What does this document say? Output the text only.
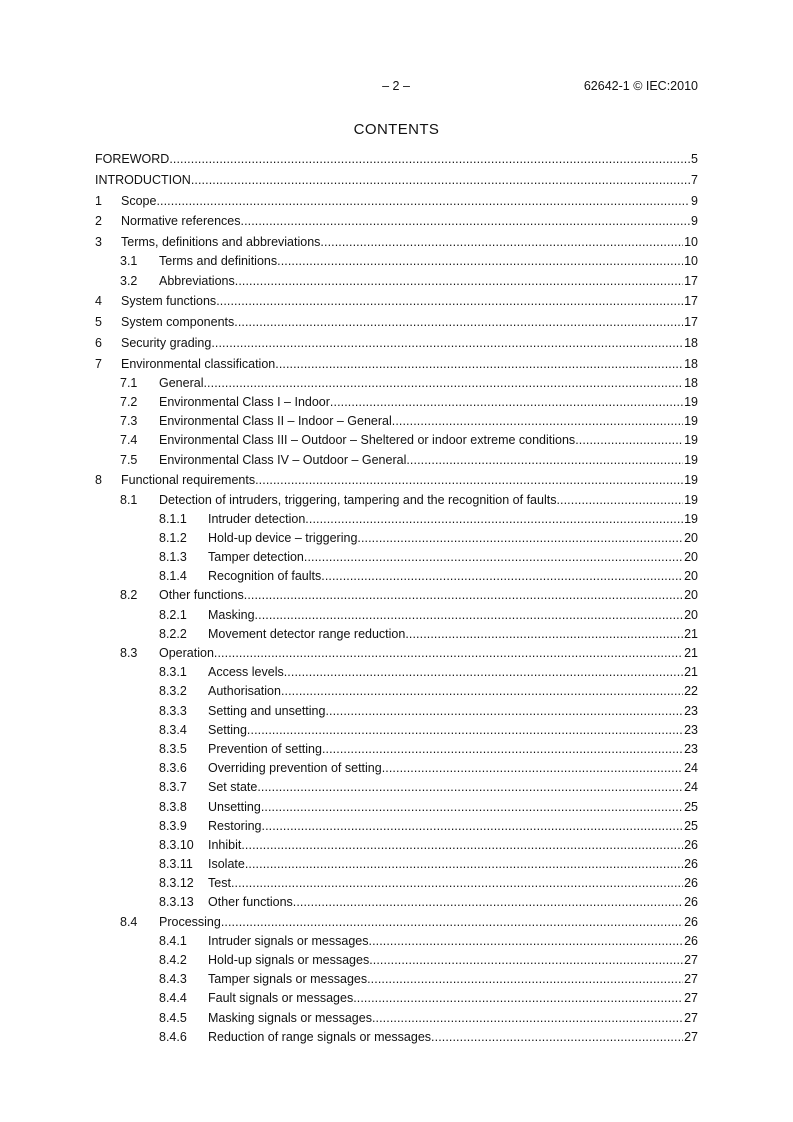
– 2 –	62642-1 © IEC:2010
CONTENTS
FOREWORD .....	5
INTRODUCTION .....	7
1 Scope .....	9
2 Normative references .....	9
3 Terms, definitions and abbreviations .....	10
3.1 Terms and definitions .....	10
3.2 Abbreviations .....	17
4 System functions .....	17
5 System components .....	17
6 Security grading .....	18
7 Environmental classification .....	18
7.1 General .....	18
7.2 Environmental Class I – Indoor .....	19
7.3 Environmental Class II – Indoor – General .....	19
7.4 Environmental Class III – Outdoor – Sheltered or indoor extreme conditions .....	19
7.5 Environmental Class IV – Outdoor – General .....	19
8 Functional requirements .....	19
8.1 Detection of intruders, triggering, tampering and the recognition of faults .....	19
8.1.1 Intruder detection .....	19
8.1.2 Hold-up device – triggering .....	20
8.1.3 Tamper detection .....	20
8.1.4 Recognition of faults .....	20
8.2 Other functions .....	20
8.2.1 Masking .....	20
8.2.2 Movement detector range reduction .....	21
8.3 Operation .....	21
8.3.1 Access levels .....	21
8.3.2 Authorisation .....	22
8.3.3 Setting and unsetting .....	23
8.3.4 Setting .....	23
8.3.5 Prevention of setting .....	23
8.3.6 Overriding prevention of setting .....	24
8.3.7 Set state .....	24
8.3.8 Unsetting .....	25
8.3.9 Restoring .....	25
8.3.10 Inhibit .....	26
8.3.11 Isolate .....	26
8.3.12 Test .....	26
8.3.13 Other functions .....	26
8.4 Processing .....	26
8.4.1 Intruder signals or messages .....	26
8.4.2 Hold-up signals or messages .....	27
8.4.3 Tamper signals or messages .....	27
8.4.4 Fault signals or messages .....	27
8.4.5 Masking signals or messages .....	27
8.4.6 Reduction of range signals or messages .....	27
